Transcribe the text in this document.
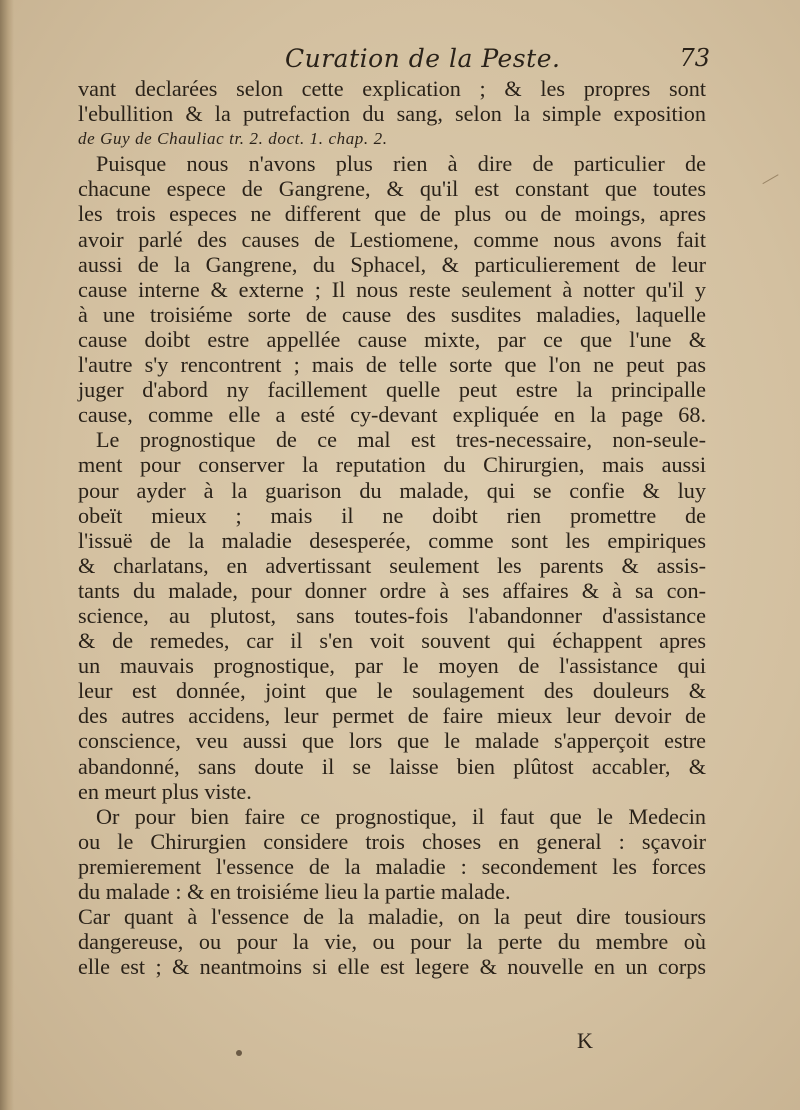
Curation de la Peste.	73
vant declarées selon cette explication ; & les propres sont
l'ebullition & la putrefaction du sang, selon la simple exposition
de Guy de Chauliac tr. 2. doct. 1. chap. 2.
Puisque nous n'avons plus rien à dire de particulier de
chacune espece de Gangrene, & qu'il est constant que toutes
les trois especes ne different que de plus ou de moings, apres
avoir parlé des causes de Lestiomene, comme nous avons fait
aussi de la Gangrene, du Sphacel, & particulierement de leur
cause interne & externe ; Il nous reste seulement à notter qu'il y
à une troisiéme sorte de cause des susdites maladies, laquelle
cause doibt estre appellée cause mixte, par ce que l'une &
l'autre s'y rencontrent ; mais de telle sorte que l'on ne peut pas
juger d'abord ny facillement quelle peut estre la principalle
cause, comme elle a esté cy-devant expliquée en la page 68.
Le prognostique de ce mal est tres-necessaire, non-seule-
ment pour conserver la reputation du Chirurgien, mais aussi
pour ayder à la guarison du malade, qui se confie & luy
obeït mieux ; mais il ne doibt rien promettre de
l'issuë de la maladie desesperée, comme sont les empiriques
& charlatans, en advertissant seulement les parents & assis-
tants du malade, pour donner ordre à ses affaires & à sa con-
science, au plutost, sans toutes-fois l'abandonner d'assistance
& de remedes, car il s'en voit souvent qui échappent apres
un mauvais prognostique, par le moyen de l'assistance qui
leur est donnée, joint que le soulagement des douleurs &
des autres accidens, leur permet de faire mieux leur devoir de
conscience, veu aussi que lors que le malade s'apperçoit estre
abandonné, sans doute il se laisse bien plûtost accabler, &
en meurt plus viste.
Or pour bien faire ce prognostique, il faut que le Medecin
ou le Chirurgien considere trois choses en general : sçavoir
premierement l'essence de la maladie : secondement les forces
du malade : & en troisiéme lieu la partie malade.
Car quant à l'essence de la maladie, on la peut dire tousiours
dangereuse, ou pour la vie, ou pour la perte du membre où
elle est ; & neantmoins si elle est legere & nouvelle en un corps
K
